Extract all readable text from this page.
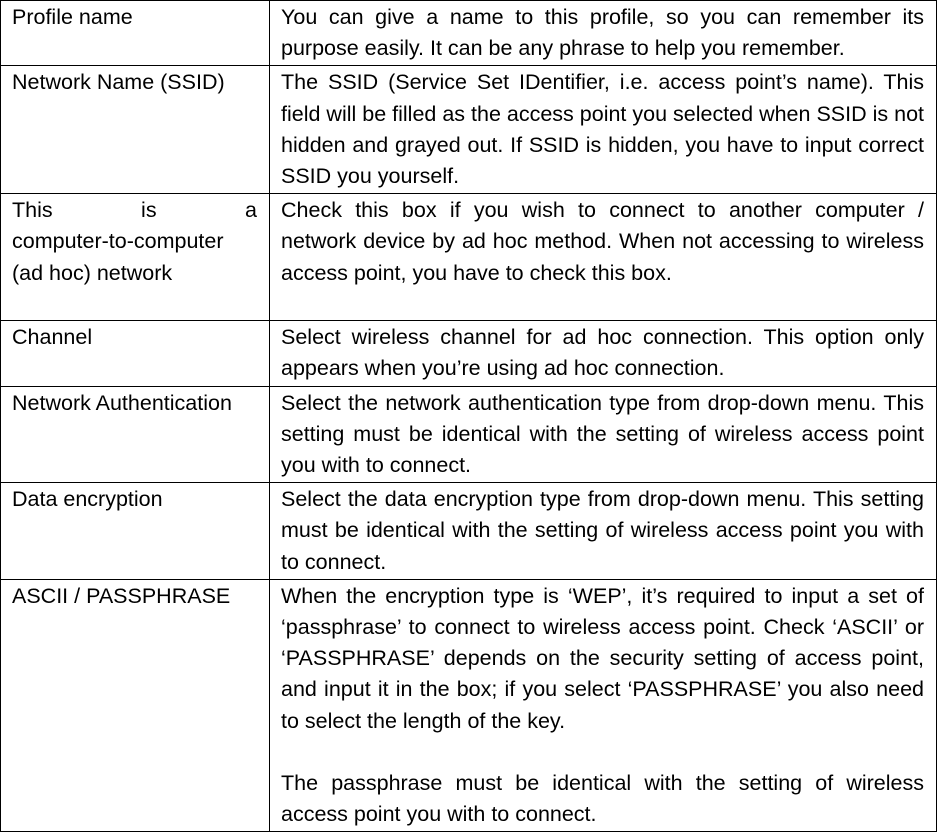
Profile name	You can give a name to this profile, so you can remember its purpose easily. It can be any phrase to help you remember.

Network Name (SSID)	The SSID (Service Set IDentifier, i.e. access point’s name). This field will be filled as the access point you selected when SSID is not hidden and grayed out. If SSID is hidden, you have to input correct SSID you yourself.

This is a
computer-to-computer (ad hoc) network	Check this box if you wish to connect to another computer / network device by ad hoc method. When not accessing to wireless access point, you have to check this box.

Channel	Select wireless channel for ad hoc connection. This option only appears when you’re using ad hoc connection.

Network Authentication	Select the network authentication type from drop-down menu. This setting must be identical with the setting of wireless access point you with to connect.

Data encryption	Select the data encryption type from drop-down menu. This setting must be identical with the setting of wireless access point you with to connect.

ASCII / PASSPHRASE	When the encryption type is ‘WEP’, it’s required to input a set of ‘passphrase’ to connect to wireless access point. Check ‘ASCII’ or ‘PASSPHRASE’ depends on the security setting of access point, and input it in the box; if you select ‘PASSPHRASE’ you also need to select the length of the key.

The passphrase must be identical with the setting of wireless access point you with to connect.
